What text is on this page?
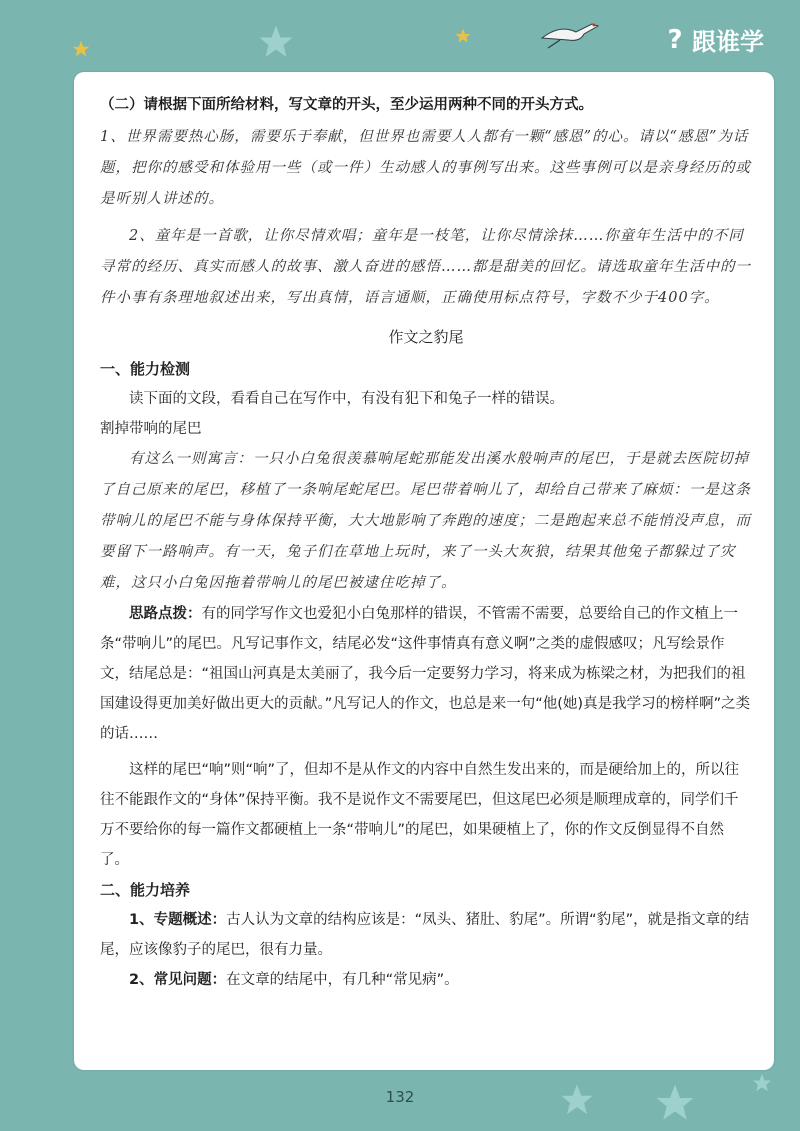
? 跟谁学

（二）请根据下面所给材料，写文章的开头，至少运用两种不同的开头方式。

1、世界需要热心肠，需要乐于奉献，但世界也需要人人都有一颗“感恩”的心。请以“感恩”为话题，把你的感受和体验用一些（或一件）生动感人的事例写出来。这些事例可以是亲身经历的或是听别人讲述的。

2、童年是一首歌，让你尽情欢唱；童年是一枝笔，让你尽情涂抹……你童年生活中的不同寻常的经历、真实而感人的故事、激人奋进的感悟……都是甜美的回忆。请选取童年生活中的一件小事有条理地叙述出来，写出真情，语言通顺，正确使用标点符号，字数不少于400字。

作文之豹尾

一、能力检测

读下面的文段，看看自己在写作中，有没有犯下和兔子一样的错误。

割掉带响的尾巴

有这么一则寓言：一只小白兔很羡慕响尾蛇那能发出溪水般响声的尾巴，于是就去医院切掉了自己原来的尾巴，移植了一条响尾蛇尾巴。尾巴带着响儿了，却给自己带来了麻烦：一是这条带响儿的尾巴不能与身体保持平衡，大大地影响了奔跑的速度；二是跑起来总不能悄没声息，而要留下一路响声。有一天，兔子们在草地上玩时，来了一头大灰狼，结果其他兔子都躲过了灾难，这只小白兔因拖着带响儿的尾巴被逮住吃掉了。

思路点拨：有的同学写作文也爱犯小白兔那样的错误，不管需不需要，总要给自己的作文植上一条“带响儿”的尾巴。凡写记事作文，结尾必发“这件事情真有意义啊”之类的虚假感叹；凡写绘景作文，结尾总是：“祖国山河真是太美丽了，我今后一定要努力学习，将来成为栋梁之材，为把我们的祖国建设得更加美好做出更大的贡献。”凡写记人的作文，也总是来一句“他(她)真是我学习的榜样啊”之类的话……

这样的尾巴“响”则“响”了，但却不是从作文的内容中自然生发出来的，而是硬给加上的，所以往往不能跟作文的“身体”保持平衡。我不是说作文不需要尾巴，但这尾巴必须是顺理成章的，同学们千万不要给你的每一篇作文都硬植上一条“带响儿”的尾巴，如果硬植上了，你的作文反倒显得不自然了。

二、能力培养

1、专题概述：古人认为文章的结构应该是：“凤头、猪肚、豹尾”。所谓“豹尾”，就是指文章的结尾，应该像豹子的尾巴，很有力量。

2、常见问题：在文章的结尾中，有几种“常见病”。

132
